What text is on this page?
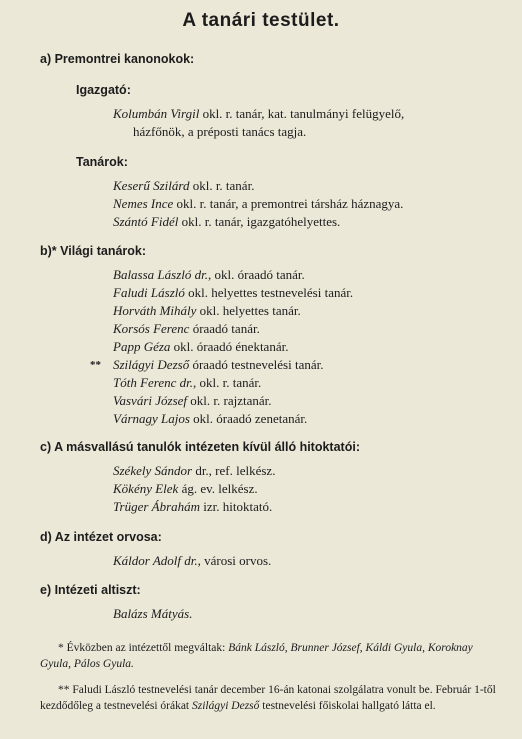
A tanári testület.
a) Premontrei kanonokok:
Igazgató:
Kolumbán Virgil okl. r. tanár, kat. tanulmányi felügyelő,
házfőnök, a préposti tanács tagja.
Tanárok:
Keserű Szilárd okl. r. tanár.
Nemes Ince okl. r. tanár, a premontrei társház háznagya.
Szántó Fidél okl. r. tanár, igazgatóhelyettes.
b)* Világi tanárok:
Balassa László dr., okl. óraadó tanár.
Faludi László okl. helyettes testnevelési tanár.
Horváth Mihály okl. helyettes tanár.
Korsós Ferenc óraadó tanár.
Papp Géza okl. óraadó énektanár.
** Szilágyi Dezső óraadó testnevelési tanár.
Tóth Ferenc dr., okl. r. tanár.
Vasvári József okl. r. rajztanár.
Várnagy Lajos okl. óraadó zenetanár.
c) A másvallású tanulók intézeten kívül álló hitoktatói:
Székely Sándor dr., ref. lelkész.
Kökény Elek ág. ev. lelkész.
Trüger Ábrahám izr. hitoktató.
d) Az intézet orvosa:
Káldor Adolf dr., városi orvos.
e) Intézeti altiszt:
Balázs Mátyás.
* Évközben az intézettől megváltak: Bánk László, Brunner József, Káldi Gyula, Koroknay Gyula, Pálos Gyula.
** Faludi László testnevelési tanár december 16-án katonai szolgálatra vonult be. Február 1-től kezdődőleg a testnevelési órákat Szilágyi Dezső testnevelési főiskolai hallgató látta el.
